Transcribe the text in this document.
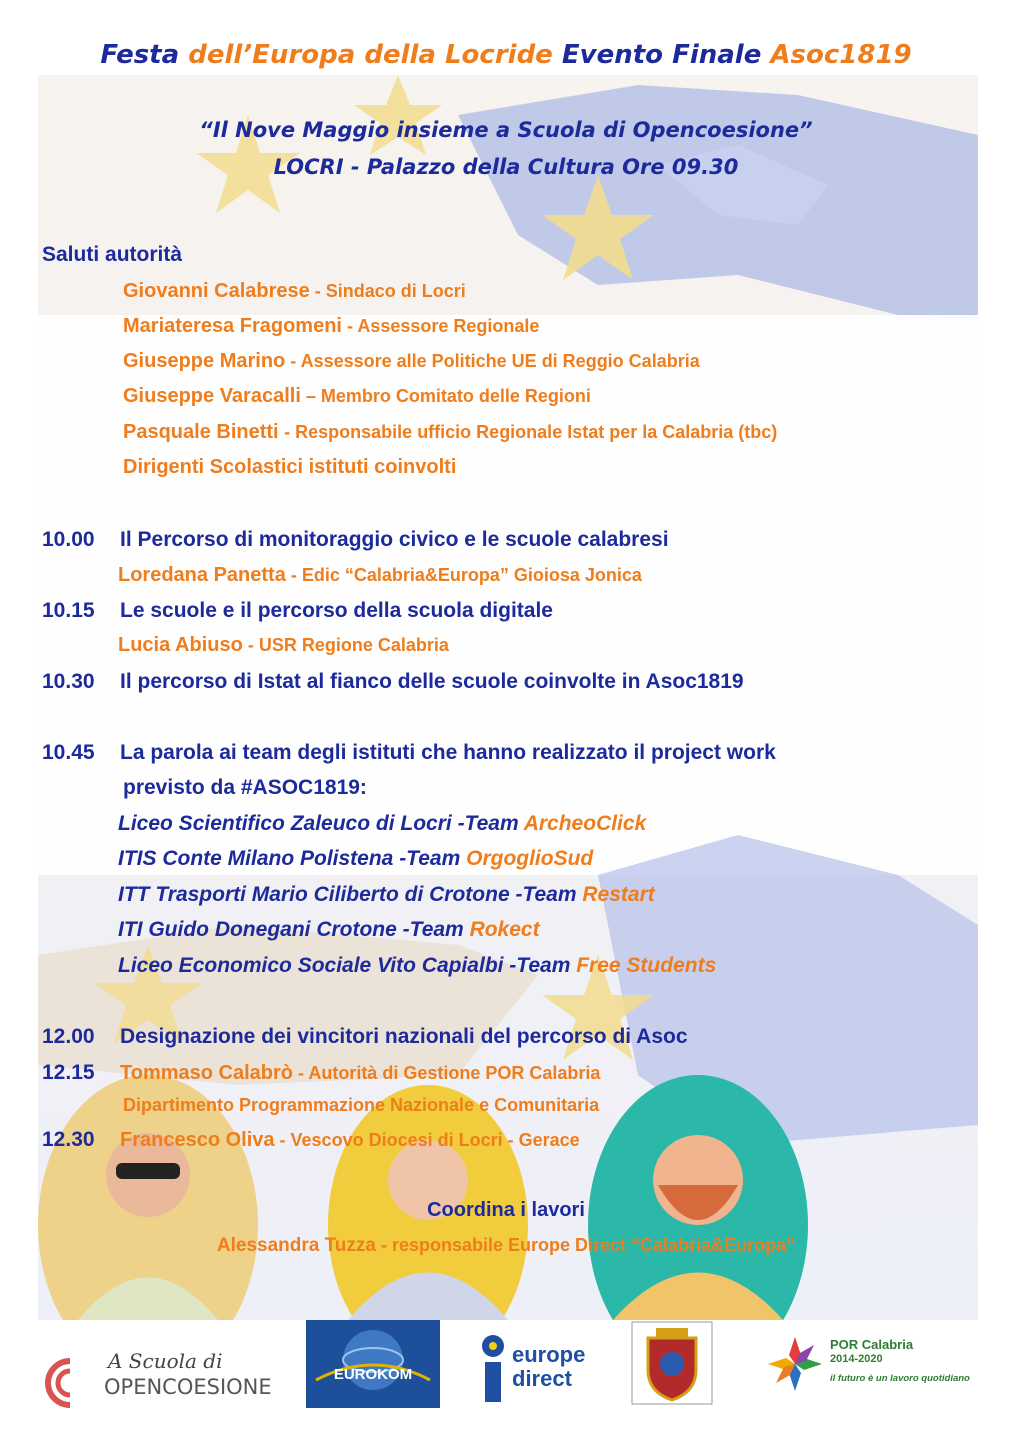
Festa dell’Europa della Locride Evento Finale Asoc1819
“Il Nove Maggio insieme a Scuola di Opencoesione”
LOCRI - Palazzo della Cultura Ore 09.30
Saluti autorità
Giovanni Calabrese - Sindaco di Locri
Mariateresa Fragomeni - Assessore Regionale
Giuseppe Marino - Assessore alle Politiche UE di Reggio Calabria
Giuseppe Varacalli – Membro Comitato delle Regioni
Pasquale Binetti - Responsabile ufficio Regionale Istat per la Calabria (tbc)
Dirigenti Scolastici istituti coinvolti
10.00 Il Percorso di monitoraggio civico e le scuole calabresi
Loredana Panetta - Edic “Calabria&Europa” Gioiosa Jonica
10.15 Le scuole e il percorso della scuola digitale
Lucia Abiuso - USR Regione Calabria
10.30 Il percorso di Istat al fianco delle scuole coinvolte in Asoc1819
10.45 La parola ai team degli istituti che hanno realizzato il project work
previsto da #ASOC1819:
Liceo Scientifico Zaleuco di Locri -Team ArcheoClick
ITIS Conte Milano Polistena -Team OrgoglioSud
ITT Trasporti Mario Ciliberto di Crotone -Team Restart
ITI Guido Donegani Crotone -Team Rokect
Liceo Economico Sociale Vito Capialbi -Team Free Students
12.00 Designazione dei vincitori nazionali del percorso di Asoc
12.15 Tommaso Calabrò - Autorità di Gestione POR Calabria
Dipartimento Programmazione Nazionale e Comunitaria
12.30 Francesco Oliva - Vescovo Diocesi di Locri - Gerace
Coordina i lavori
Alessandra Tuzza - responsabile Europe Direct “Calabria&Europa”
A Scuola di
OPENCOESIONE
EUROKOM
europe
direct
POR Calabria
2014-2020
il futuro è un lavoro quotidiano
